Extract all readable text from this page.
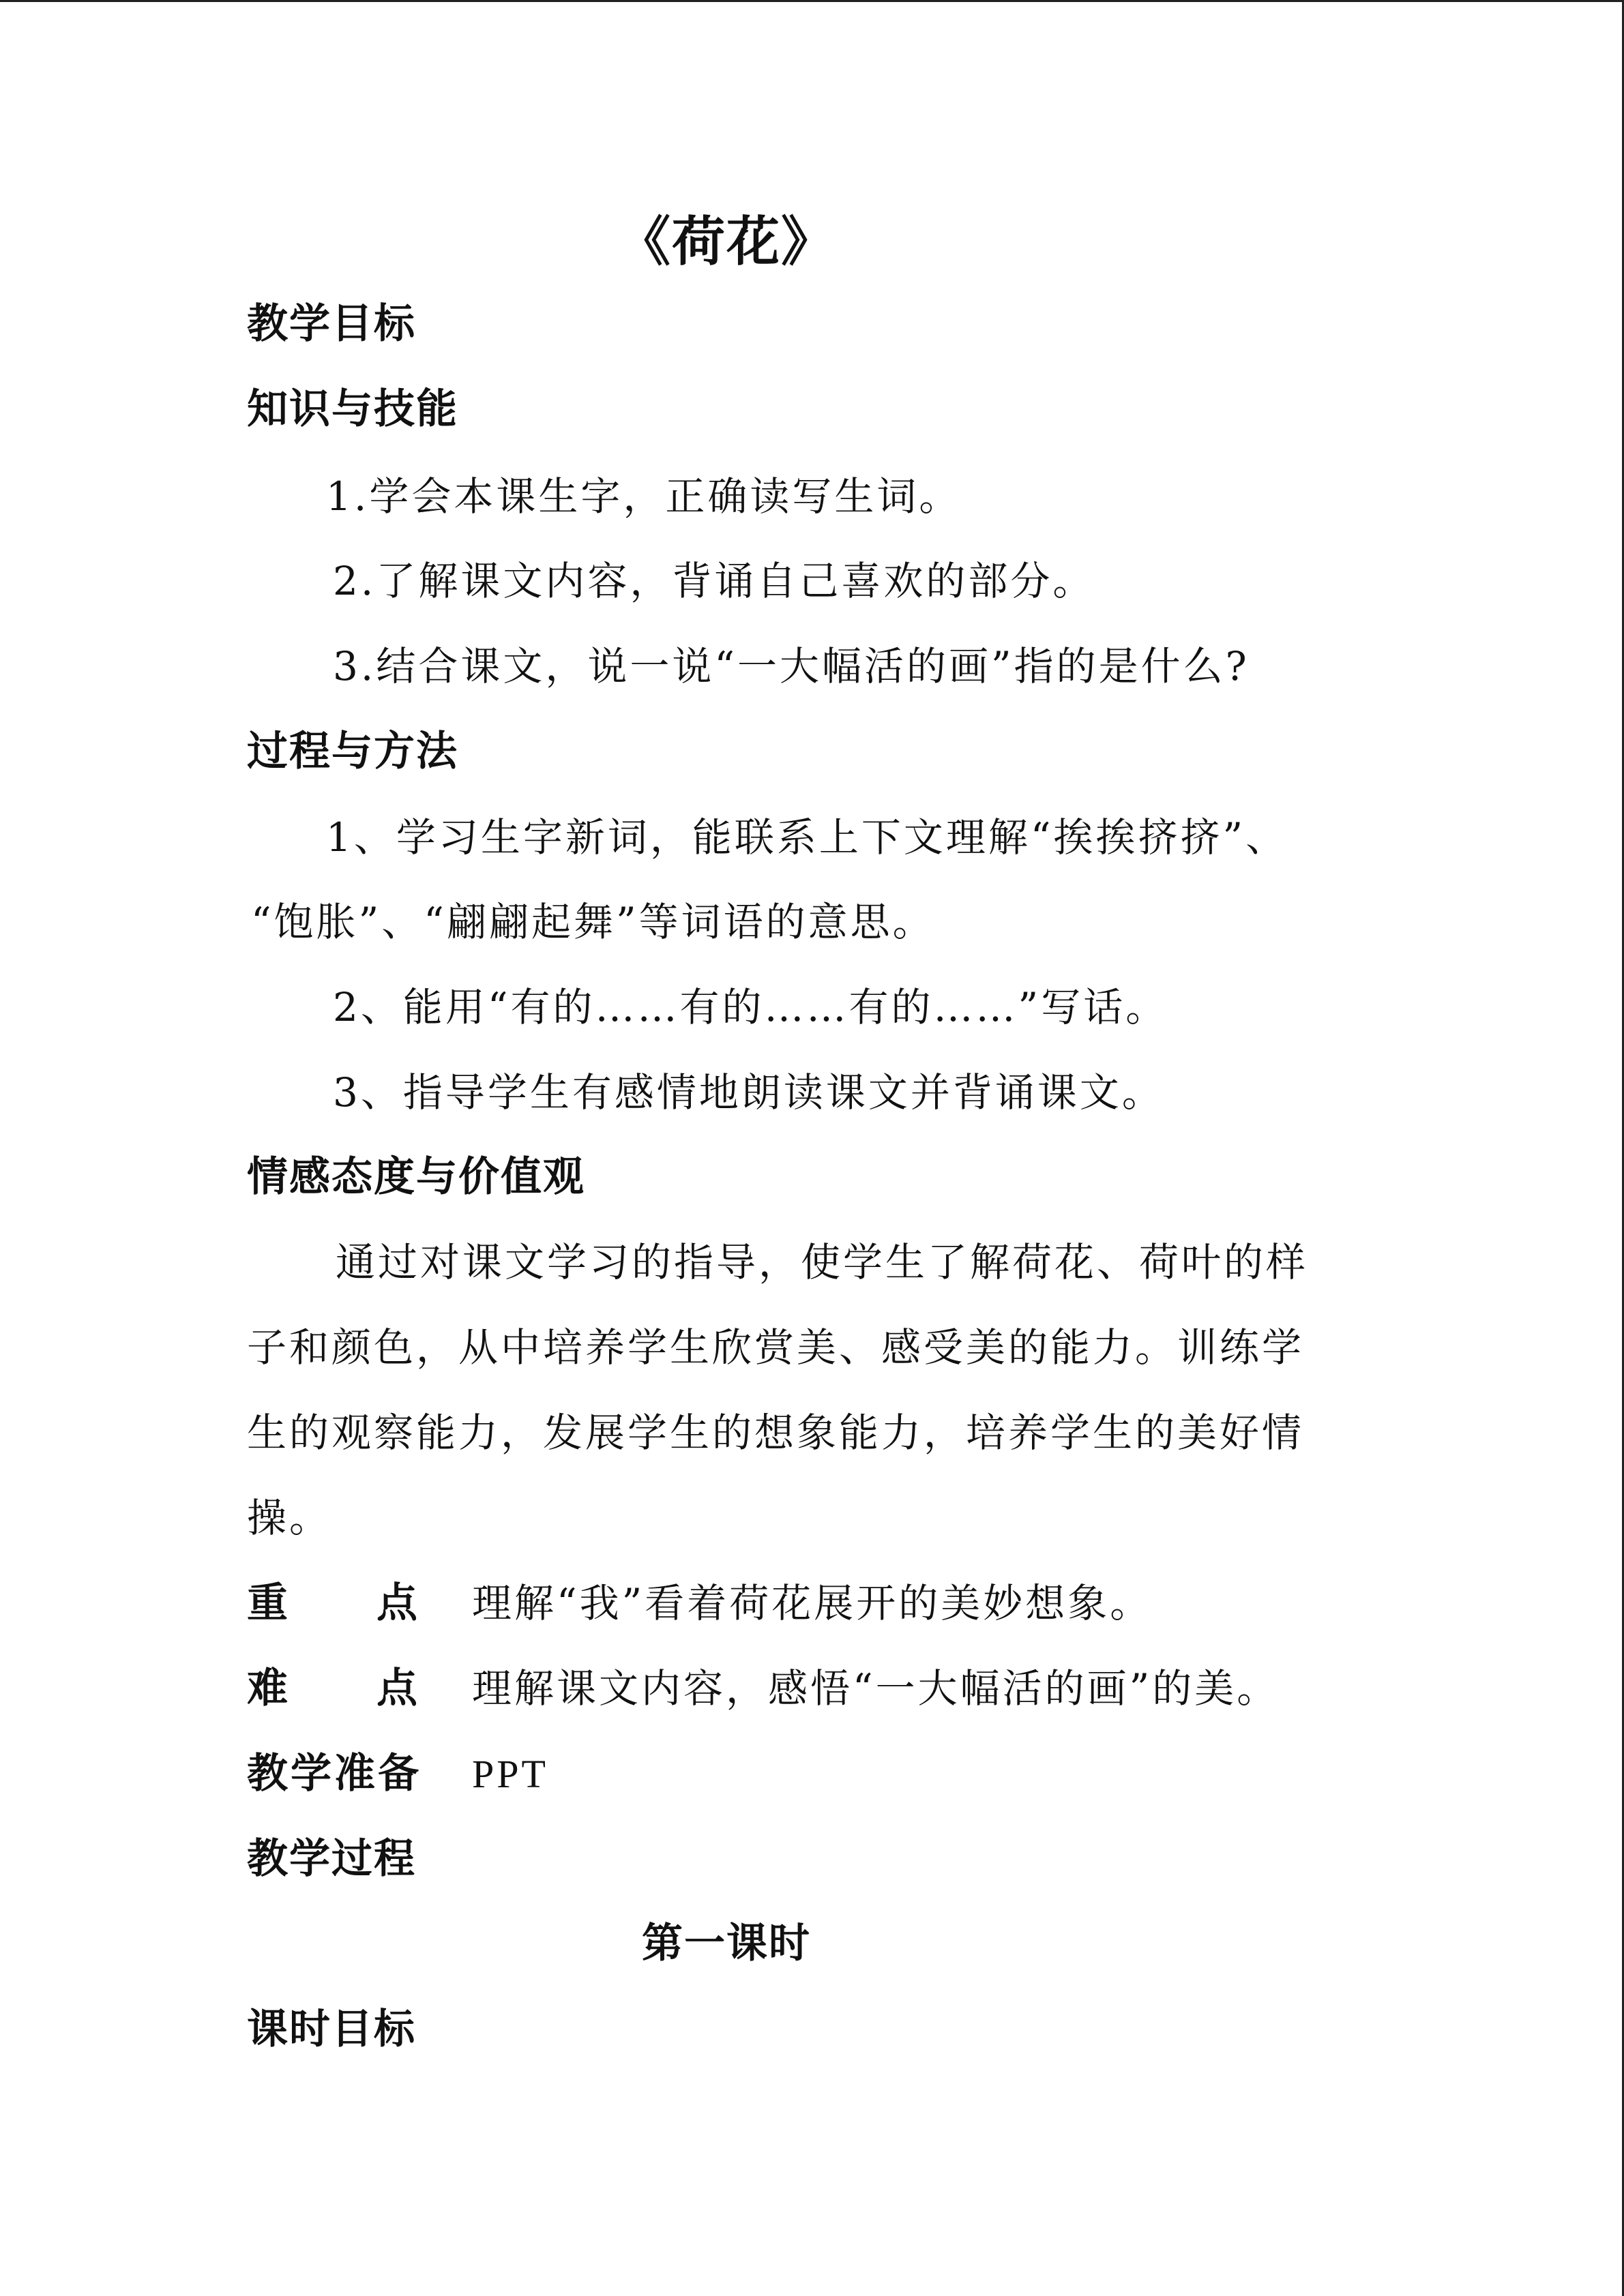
《荷花》
教学目标
知识与技能
1.学会本课生字，正确读写生词。
2.了解课文内容，背诵自己喜欢的部分。
3.结合课文，说一说“一大幅活的画”指的是什么?
过程与方法
1、学习生字新词，能联系上下文理解“挨挨挤挤”、
“饱胀”、“翩翩起舞”等词语的意思。
2、能用“有的……有的……有的……”写话。
3、指导学生有感情地朗读课文并背诵课文。
情感态度与价值观
通过对课文学习的指导，使学生了解荷花、荷叶的样
子和颜色，从中培养学生欣赏美、感受美的能力。训练学
生的观察能力，发展学生的想象能力，培养学生的美好情
操。
重 点 理解“我”看着荷花展开的美妙想象。
难 点 理解课文内容，感悟“一大幅活的画”的美。
教学准备 PPT
教学过程
第一课时
课时目标
